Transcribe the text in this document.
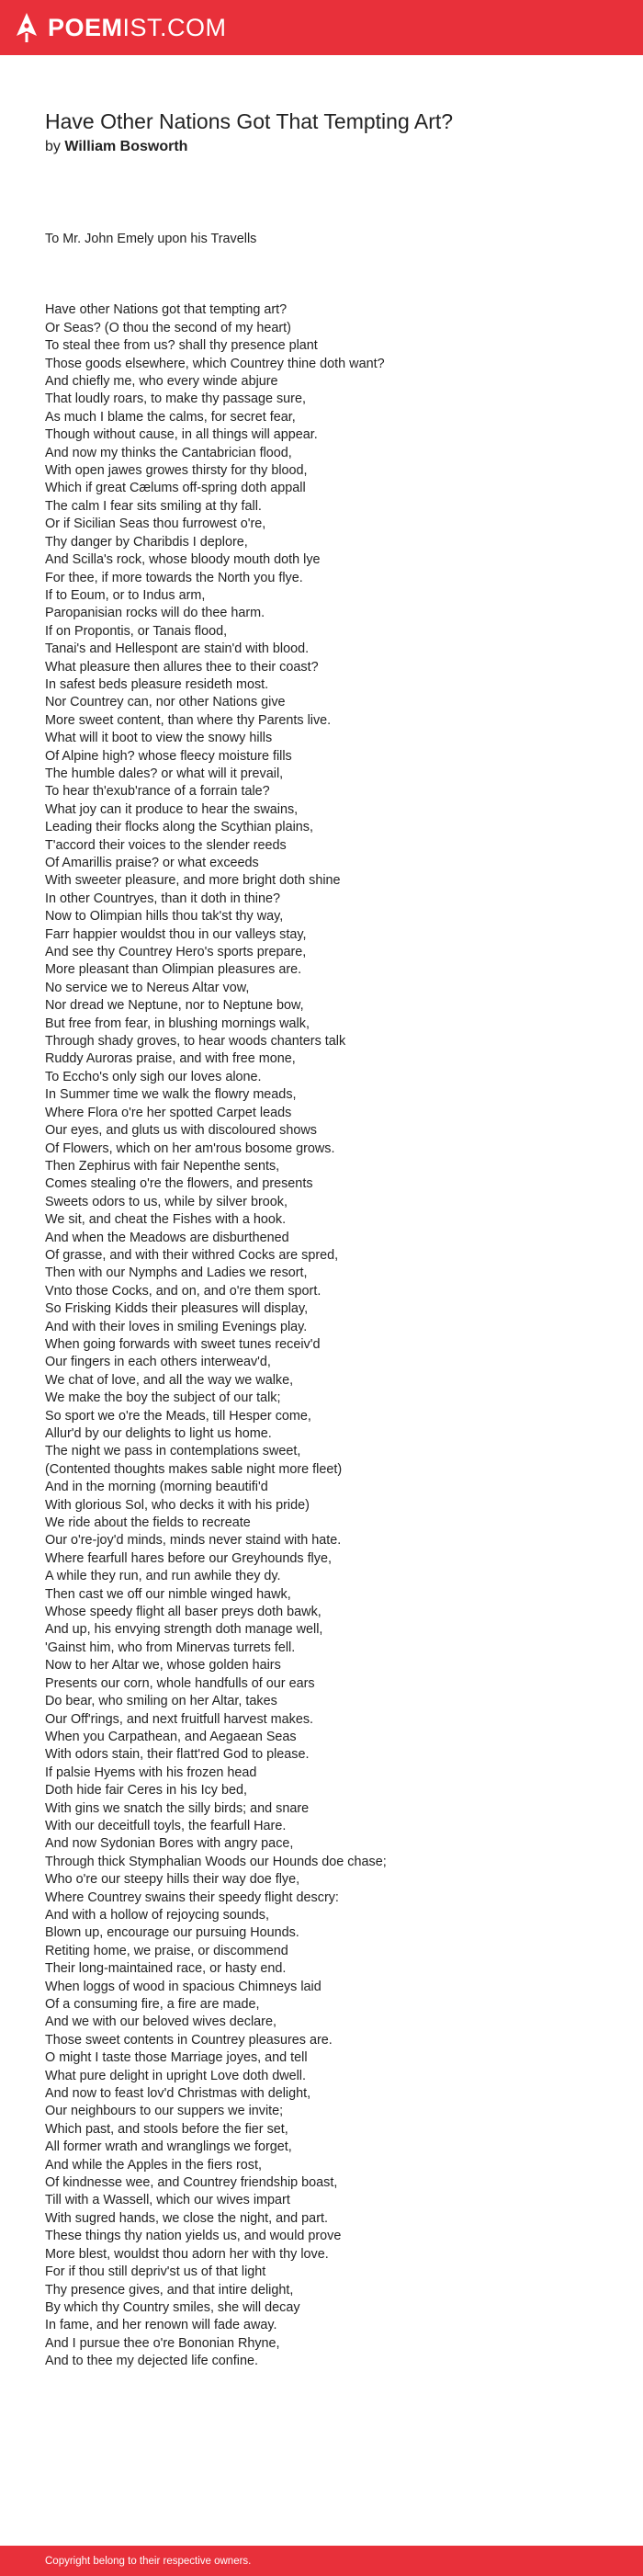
POEMIST.COM
Have Other Nations Got That Tempting Art?
by William Bosworth

To Mr. John Emely upon his Travells

Have other Nations got that tempting art?
Or Seas? (O thou the second of my heart)
To steal thee from us? shall thy presence plant
Those goods elsewhere, which Countrey thine doth want?
And chiefly me, who every winde abjure
That loudly roars, to make thy passage sure,
As much I blame the calms, for secret fear,
Though without cause, in all things will appear.
And now my thinks the Cantabrician flood,
With open jawes growes thirsty for thy blood,
Which if great Cælums off-spring doth appall
The calm I fear sits smiling at thy fall.
Or if Sicilian Seas thou furrowest o're,
Thy danger by Charibdis I deplore,
And Scilla's rock, whose bloody mouth doth lye
For thee, if more towards the North you flye.
If to Eoum, or to Indus arm,
Paropanisian rocks will do thee harm.
If on Propontis, or Tanais flood,
Tanai's and Hellespont are stain'd with blood.
What pleasure then allures thee to their coast?
In safest beds pleasure resideth most.
Nor Countrey can, nor other Nations give
More sweet content, than where thy Parents live.
What will it boot to view the snowy hills
Of Alpine high? whose fleecy moisture fills
The humble dales? or what will it prevail,
To hear th'exub'rance of a forrain tale?
What joy can it produce to hear the swains,
Leading their flocks along the Scythian plains,
T'accord their voices to the slender reeds
Of Amarillis praise? or what exceeds
With sweeter pleasure, and more bright doth shine
In other Countryes, than it doth in thine?
Now to Olimpian hills thou tak'st thy way,
Farr happier wouldst thou in our valleys stay,
And see thy Countrey Hero's sports prepare,
More pleasant than Olimpian pleasures are.
No service we to Nereus Altar vow,
Nor dread we Neptune, nor to Neptune bow,
But free from fear, in blushing mornings walk,
Through shady groves, to hear woods chanters talk
Ruddy Auroras praise, and with free mone,
To Eccho's only sigh our loves alone.
In Summer time we walk the flowry meads,
Where Flora o're her spotted Carpet leads
Our eyes, and gluts us with discoloured shows
Of Flowers, which on her am'rous bosome grows.
Then Zephirus with fair Nepenthe sents,
Comes stealing o're the flowers, and presents
Sweets odors to us, while by silver brook,
We sit, and cheat the Fishes with a hook.
And when the Meadows are disburthened
Of grasse, and with their withred Cocks are spred,
Then with our Nymphs and Ladies we resort,
Vnto those Cocks, and on, and o're them sport.
So Frisking Kidds their pleasures will display,
And with their loves in smiling Evenings play.
When going forwards with sweet tunes receiv'd
Our fingers in each others interweav'd,
We chat of love, and all the way we walke,
We make the boy the subject of our talk;
So sport we o're the Meads, till Hesper come,
Allur'd by our delights to light us home.
The night we pass in contemplations sweet,
(Contented thoughts makes sable night more fleet)
And in the morning (morning beautifi'd
With glorious Sol, who decks it with his pride)
We ride about the fields to recreate
Our o're-joy'd minds, minds never staind with hate.
Where fearfull hares before our Greyhounds flye,
A while they run, and run awhile they dy.
Then cast we off our nimble winged hawk,
Whose speedy flight all baser preys doth bawk,
And up, his envying strength doth manage well,
'Gainst him, who from Minervas turrets fell.
Now to her Altar we, whose golden hairs
Presents our corn, whole handfulls of our ears
Do bear, who smiling on her Altar, takes
Our Off'rings, and next fruitfull harvest makes.
When you Carpathean, and Aegaean Seas
With odors stain, their flatt'red God to please.
If palsie Hyems with his frozen head
Doth hide fair Ceres in his Icy bed,
With gins we snatch the silly birds; and snare
With our deceitfull toyls, the fearfull Hare.
And now Sydonian Bores with angry pace,
Through thick Stymphalian Woods our Hounds doe chase;
Who o're our steepy hills their way doe flye,
Where Countrey swains their speedy flight descry:
And with a hollow of rejoycing sounds,
Blown up, encourage our pursuing Hounds.
Retiting home, we praise, or discommend
Their long-maintained race, or hasty end.
When loggs of wood in spacious Chimneys laid
Of a consuming fire, a fire are made,
And we with our beloved wives declare,
Those sweet contents in Countrey pleasures are.
O might I taste those Marriage joyes, and tell
What pure delight in upright Love doth dwell.
And now to feast lov'd Christmas with delight,
Our neighbours to our suppers we invite;
Which past, and stools before the fier set,
All former wrath and wranglings we forget,
And while the Apples in the fiers rost,
Of kindnesse wee, and Countrey friendship boast,
Till with a Wassell, which our wives impart
With sugred hands, we close the night, and part.
These things thy nation yields us, and would prove
More blest, wouldst thou adorn her with thy love.
For if thou still depriv'st us of that light
Thy presence gives, and that intire delight,
By which thy Country smiles, she will decay
In fame, and her renown will fade away.
And I pursue thee o're Bononian Rhyne,
And to thee my dejected life confine.

Copyright belong to their respective owners.
